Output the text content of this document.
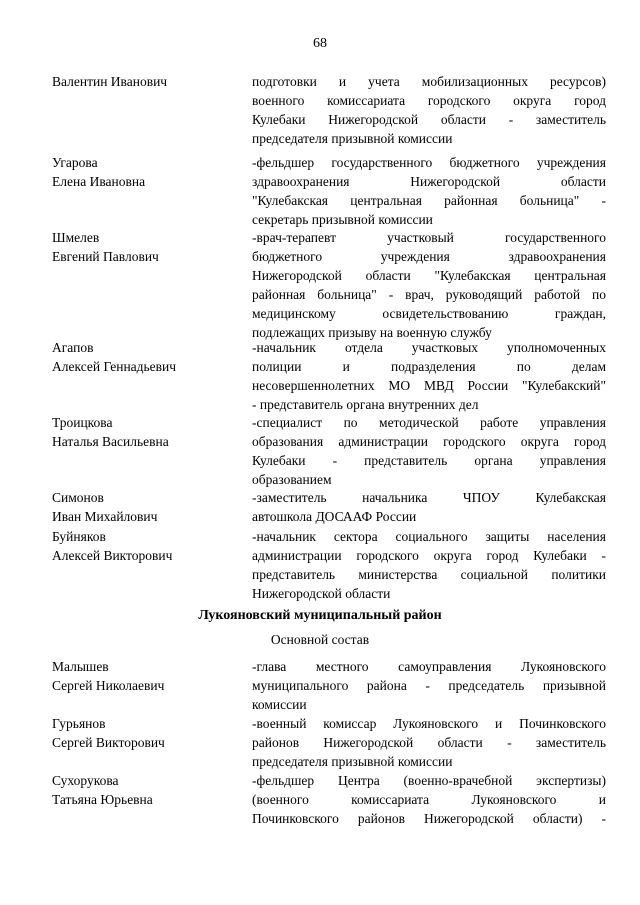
68
Валентин Иванович	подготовки и учета мобилизационных ресурсов)
военного комиссариата городского округа город
Кулебаки Нижегородской области - заместитель
председателя призывной комиссии
Угарова
Елена Ивановна
-фельдшер государственного бюджетного учреждения
здравоохранения Нижегородской области
"Кулебакская центральная районная больница" -
секретарь призывной комиссии
Шмелев
Евгений Павлович
-врач-терапевт участковый государственного
бюджетного учреждения здравоохранения
Нижегородской области "Кулебакская центральная
районная больница" - врач, руководящий работой по
медицинскому освидетельствованию граждан,
подлежащих призыву на военную службу
Агапов
Алексей Геннадьевич
-начальник отдела участковых уполномоченных
полиции и подразделения по делам
несовершеннолетних МО МВД России "Кулебакский"
- представитель органа внутренних дел
Троицкова
Наталья Васильевна
-специалист по методической работе управления
образования администрации городского округа город
Кулебаки - представитель органа управления
образованием
Симонов
Иван Михайлович
-заместитель начальника ЧПОУ Кулебакская
автошкола ДОСААФ России
Буйняков
Алексей Викторович
-начальник сектора социального защиты населения
администрации городского округа город Кулебаки -
представитель министерства социальной политики
Нижегородской области
Лукояновский муниципальный район
Основной состав
Малышев
Сергей Николаевич
-глава местного самоуправления Лукояновского
муниципального района - председатель призывной
комиссии
Гурьянов
Сергей Викторович
-военный комиссар Лукояновского и Починковского
районов Нижегородской области - заместитель
председателя призывной комиссии
Сухорукова
Татьяна Юрьевна
-фельдшер Центра (военно-врачебной экспертизы)
(военного комиссариата Лукояновского и
Починковского районов Нижегородской области) -
